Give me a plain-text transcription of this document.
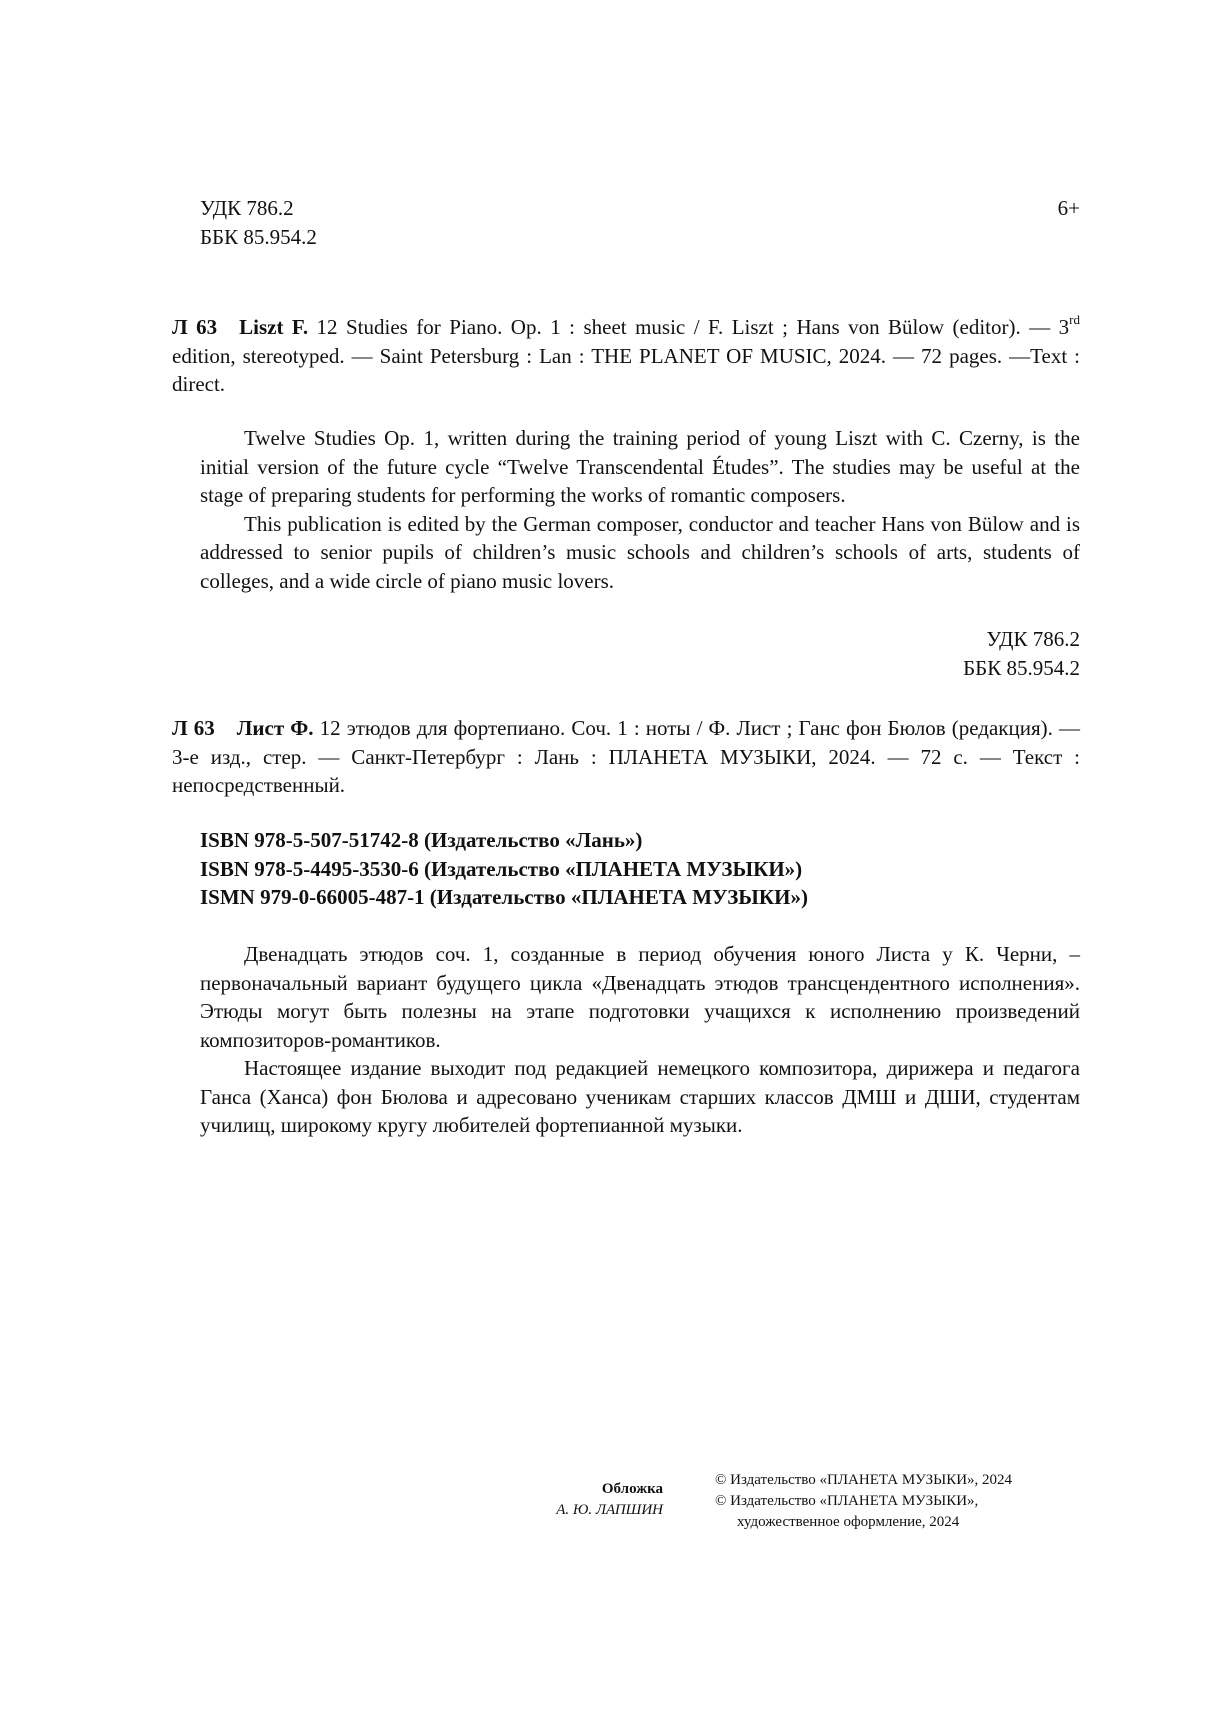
УДК 786.2
ББК 85.954.2
6+
Л 63 Liszt F. 12 Studies for Piano. Op. 1 : sheet music / F. Liszt ; Hans von Bülow (editor). — 3rd edition, stereotyped. — Saint Petersburg : Lan : THE PLANET OF MUSIC, 2024. — 72 pages. —Text : direct.

Twelve Studies Op. 1, written during the training period of young Liszt with C. Czerny, is the initial version of the future cycle “Twelve Transcendental Études”. The studies may be useful at the stage of preparing students for performing the works of romantic composers.

This publication is edited by the German composer, conductor and teacher Hans von Bülow and is addressed to senior pupils of children’s music schools and children’s schools of arts, students of colleges, and a wide circle of piano music lovers.

УДК 786.2
ББК 85.954.2
Л 63 Лист Ф. 12 этюдов для фортепиано. Соч. 1 : ноты / Ф. Лист ; Ганс фон Бюлов (редакция). — 3-е изд., стер. — Санкт-Петербург : Лань : ПЛАНЕТА МУЗЫКИ, 2024. — 72 с. — Текст : непосредственный.
ISBN 978-5-507-51742-8 (Издательство «Лань»)
ISBN 978-5-4495-3530-6 (Издательство «ПЛАНЕТА МУЗЫКИ»)
ISMN 979-0-66005-487-1 (Издательство «ПЛАНЕТА МУЗЫКИ»)

Двенадцать этюдов соч. 1, созданные в период обучения юного Листа у К. Черни, – первоначальный вариант будущего цикла «Двенадцать этюдов трансцендентного исполнения». Этюды могут быть полезны на этапе подготовки учащихся к исполнению произведений композиторов-романтиков.

Настоящее издание выходит под редакцией немецкого композитора, дирижера и педагога Ганса (Ханса) фон Бюлова и адресовано ученикам старших классов ДМШ и ДШИ, студентам училищ, широкому кругу любителей фортепианной музыки.

Обложка
А. Ю. ЛАПШИН
© Издательство «ПЛАНЕТА МУЗЫКИ», 2024
© Издательство «ПЛАНЕТА МУЗЫКИ»,
художественное оформление, 2024
